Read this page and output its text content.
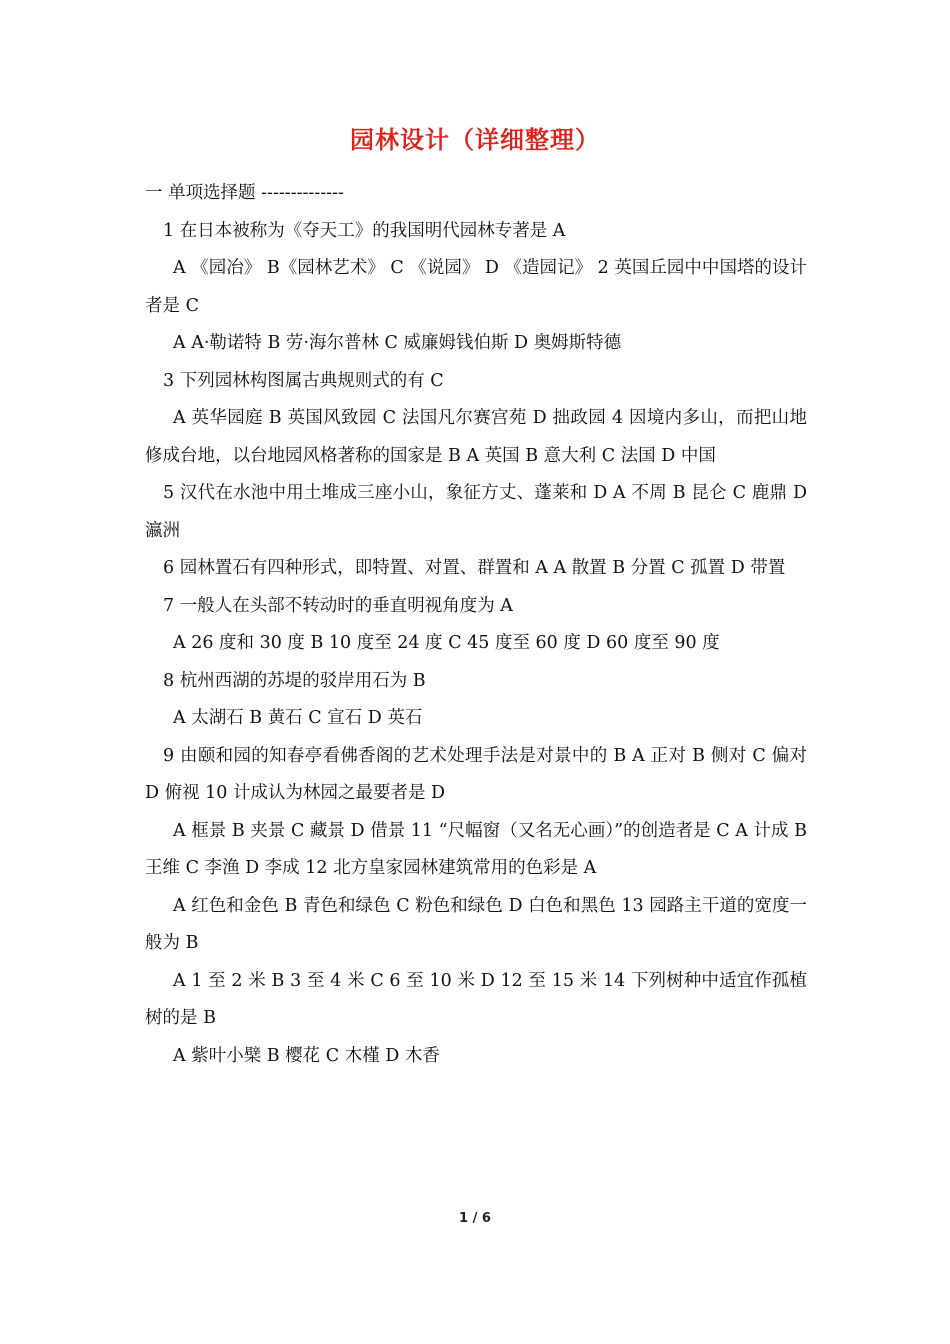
园林设计（详细整理）

一 单项选择题 --------------

1 在日本被称为《夺天工》的我国明代园林专著是 A

A 《园冶》 B《园林艺术》 C 《说园》 D 《造园记》 2 英国丘园中中国塔的设计者是 C

A A·勒诺特 B 劳·海尔普林 C 威廉姆钱伯斯 D 奥姆斯特德

3 下列园林构图属古典规则式的有 C

A 英华园庭 B 英国风致园 C 法国凡尔赛宫苑 D 拙政园 4 因境内多山，而把山地修成台地，以台地园风格著称的国家是 B A 英国 B 意大利 C 法国 D 中国

5 汉代在水池中用土堆成三座小山，象征方丈、蓬莱和 D A 不周 B 昆仑 C 鹿鼎 D 瀛洲

6 园林置石有四种形式，即特置、对置、群置和 A A 散置 B 分置 C 孤置 D 带置

7 一般人在头部不转动时的垂直明视角度为 A

A 26 度和 30 度 B 10 度至 24 度 C 45 度至 60 度 D 60 度至 90 度

8 杭州西湖的苏堤的驳岸用石为 B

A 太湖石 B 黄石 C 宣石 D 英石

9 由颐和园的知春亭看佛香阁的艺术处理手法是对景中的 B A 正对 B 侧对 C 偏对 D 俯视 10 计成认为林园之最要者是 D

A 框景 B 夹景 C 藏景 D 借景 11 “尺幅窗（又名无心画）”的创造者是 C A 计成 B 王维 C 李渔 D 李成 12 北方皇家园林建筑常用的色彩是 A

A 红色和金色 B 青色和绿色 C 粉色和绿色 D 白色和黑色 13 园路主干道的宽度一般为 B

A 1 至 2 米 B 3 至 4 米 C 6 至 10 米 D 12 至 15 米 14 下列树种中适宜作孤植树的是 B

A 紫叶小檗 B 樱花 C 木槿 D 木香

1 / 6
